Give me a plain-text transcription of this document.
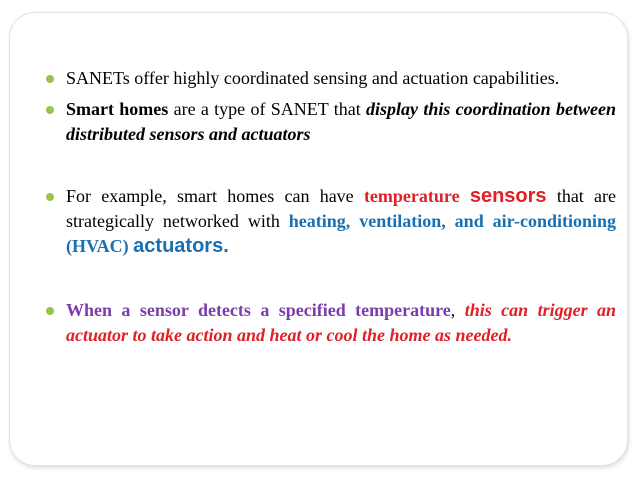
SANETs offer highly coordinated sensing and actuation capabilities.
Smart homes are a type of SANET that display this coordination between distributed sensors and actuators
For example, smart homes can have temperature sensors that are strategically networked with heating, ventilation, and air-conditioning (HVAC) actuators.
When a sensor detects a specified temperature, this can trigger an actuator to take action and heat or cool the home as needed.
